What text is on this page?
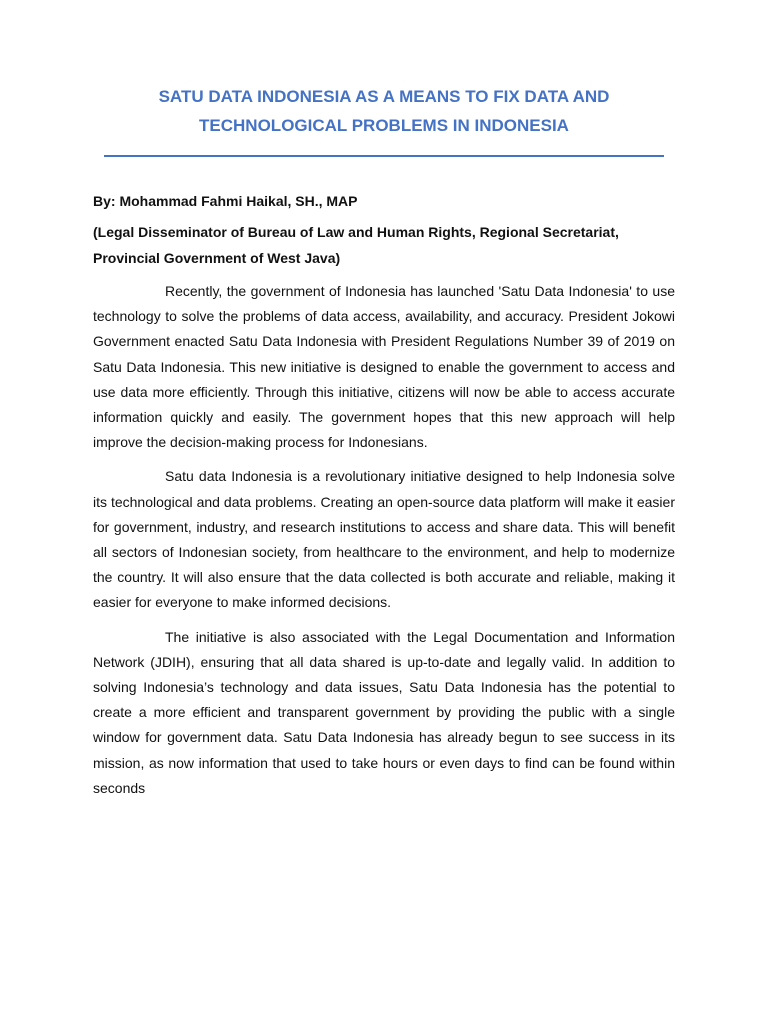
SATU DATA INDONESIA AS A MEANS TO FIX DATA AND
TECHNOLOGICAL PROBLEMS IN INDONESIA

By: Mohammad Fahmi Haikal, SH., MAP

(Legal Disseminator of Bureau of Law and Human Rights, Regional Secretariat, Provincial Government of West Java)

Recently, the government of Indonesia has launched 'Satu Data Indonesia' to use technology to solve the problems of data access, availability, and accuracy. President Jokowi Government enacted Satu Data Indonesia with President Regulations Number 39 of 2019 on Satu Data Indonesia. This new initiative is designed to enable the government to access and use data more efficiently. Through this initiative, citizens will now be able to access accurate information quickly and easily. The government hopes that this new approach will help improve the decision-making process for Indonesians.

Satu data Indonesia is a revolutionary initiative designed to help Indonesia solve its technological and data problems. Creating an open-source data platform will make it easier for government, industry, and research institutions to access and share data. This will benefit all sectors of Indonesian society, from healthcare to the environment, and help to modernize the country. It will also ensure that the data collected is both accurate and reliable, making it easier for everyone to make informed decisions.

The initiative is also associated with the Legal Documentation and Information Network (JDIH), ensuring that all data shared is up-to-date and legally valid. In addition to solving Indonesia’s technology and data issues, Satu Data Indonesia has the potential to create a more efficient and transparent government by providing the public with a single window for government data. Satu Data Indonesia has already begun to see success in its mission, as now information that used to take hours or even days to find can be found within seconds
